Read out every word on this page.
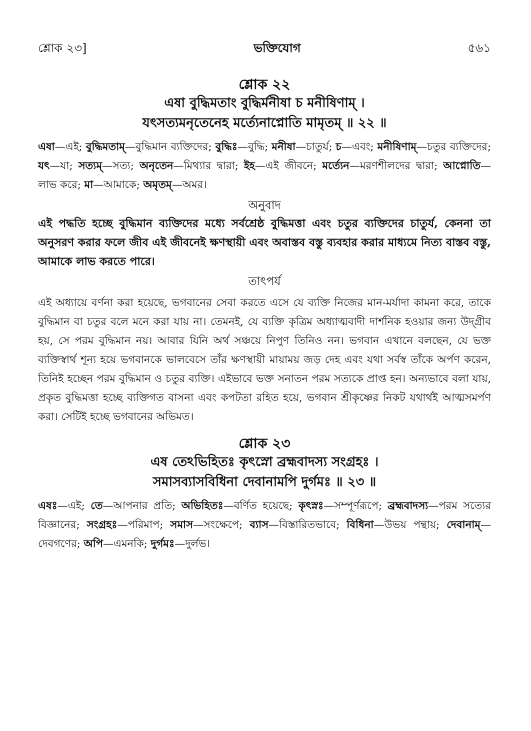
শ্লোক ২৩]	ভক্তিযোগ	৫৬১
শ্লোক ২২
এষা বুদ্ধিমতাং বুদ্ধির্মনীষা চ মনীষিণাম্ ।
যৎসত্যমনৃতেনেহ মর্ত্যেনাপ্নোতি মামৃতম্ ॥ ২২ ॥

এষা—এই; বুদ্ধিমতাম্—বুদ্ধিমান ব্যক্তিদের; বুদ্ধিঃ—বুদ্ধি; মনীষা—চাতুর্য; চ—এবং; মনীষিণাম্—চতুর ব্যক্তিদের; যৎ—যা; সত্যম্—সত্য; অনৃতেন—মিথ্যার দ্বারা; ইহ—এই জীবনে; মর্ত্যেন—মরণশীলদের দ্বারা; আপ্নোতি—লাভ করে; মা—আমাকে; অমৃতম্—অমর।

অনুবাদ

এই পদ্ধতি হচ্ছে বুদ্ধিমান ব্যক্তিদের মধ্যে সর্বশ্রেষ্ঠ বুদ্ধিমত্তা এবং চতুর ব্যক্তিদের চাতুর্য, কেননা তা অনুসরণ করার ফলে জীব এই জীবনেই ক্ষণস্থায়ী এবং অবাস্তব বস্তু ব্যবহার করার মাধ্যমে নিত্য বাস্তব বস্তু, আমাকে লাভ করতে পারে।

তাৎপর্য

এই অধ্যায়ে বর্ণনা করা হয়েছে, ভগবানের সেবা করতে এসে যে ব্যক্তি নিজের মান-মর্যাদা কামনা করে, তাকে বুদ্ধিমান বা চতুর বলে মনে করা যায় না। তেমনই, যে ব্যক্তি কৃত্রিম অধ্যাত্মবাদী দার্শনিক হওয়ার জন্য উদ্গ্রীব হয়, সে পরম বুদ্ধিমান নয়। আবার যিনি অর্থ সঞ্চয়ে নিপুণ তিনিও নন। ভগবান এখানে বলছেন, যে ভক্ত ব্যক্তিস্বার্থ শূন্য হয়ে ভগবানকে ভালবেসে তাঁর ক্ষণস্থায়ী মায়াময় জড় দেহ এবং যথা সর্বস্ব তাঁকে অর্পণ করেন, তিনিই হচ্ছেন পরম বুদ্ধিমান ও চতুর ব্যক্তি। এইভাবে ভক্ত সনাতন পরম সত্যকে প্রাপ্ত হন। অন্যভাবে বলা যায়, প্রকৃত বুদ্ধিমত্তা হচ্ছে ব্যক্তিগত বাসনা এবং কপটতা রহিত হয়ে, ভগবান শ্রীকৃষ্ণের নিকট যথার্থই আত্মসমর্পণ করা। সেটিই হচ্ছে ভগবানের অভিমত।

শ্লোক ২৩
এষ তেঽভিহিতঃ কৃৎস্নো ব্রহ্মবাদস্য সংগ্রহঃ ।
সমাসব্যাসবিধিনা দেবানামপি দুর্গমঃ ॥ ২৩ ॥

এষঃ—এই; তে—আপনার প্রতি; অভিহিতঃ—বর্ণিত হয়েছে; কৃৎস্নঃ—সম্পূর্ণরূপে; ব্রহ্মবাদস্য—পরম সত্যের বিজ্ঞানের; সংগ্রহঃ—পরিমাপ; সমাস—সংক্ষেপে; ব্যাস—বিস্তারিতভাবে; বিধিনা—উভয় পন্থায়; দেবানাম্—দেবগণের; অপি—এমনকি; দুর্গমঃ—দুর্লভ।
